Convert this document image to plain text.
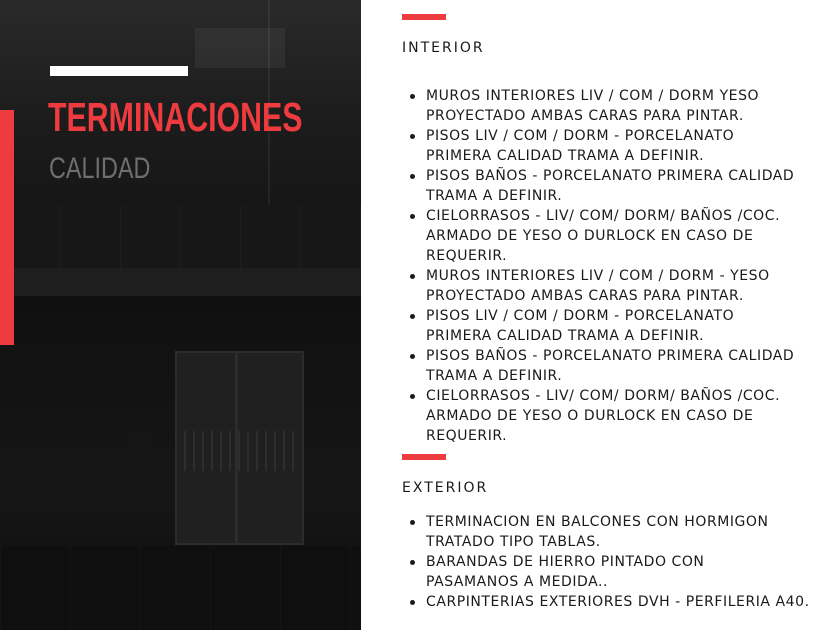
TERMINACIONES
CALIDAD
INTERIOR
MUROS INTERIORES LIV / COM / DORM YESO
PROYECTADO AMBAS CARAS PARA PINTAR.
PISOS LIV / COM / DORM - PORCELANATO
PRIMERA CALIDAD TRAMA A DEFINIR.
PISOS BAÑOS - PORCELANATO PRIMERA CALIDAD
TRAMA A DEFINIR.
CIELORRASOS - LIV/ COM/ DORM/ BAÑOS /COC.
ARMADO DE YESO O DURLOCK EN CASO DE
REQUERIR.
MUROS INTERIORES LIV / COM / DORM - YESO
PROYECTADO AMBAS CARAS PARA PINTAR.
PISOS LIV / COM / DORM - PORCELANATO
PRIMERA CALIDAD TRAMA A DEFINIR.
PISOS BAÑOS - PORCELANATO PRIMERA CALIDAD
TRAMA A DEFINIR.
CIELORRASOS - LIV/ COM/ DORM/ BAÑOS /COC.
ARMADO DE YESO O DURLOCK EN CASO DE
REQUERIR.
EXTERIOR
TERMINACION EN BALCONES CON HORMIGON
TRATADO TIPO TABLAS.
BARANDAS DE HIERRO PINTADO CON
PASAMANOS A MEDIDA..
CARPINTERIAS EXTERIORES DVH - PERFILERIA A40.
